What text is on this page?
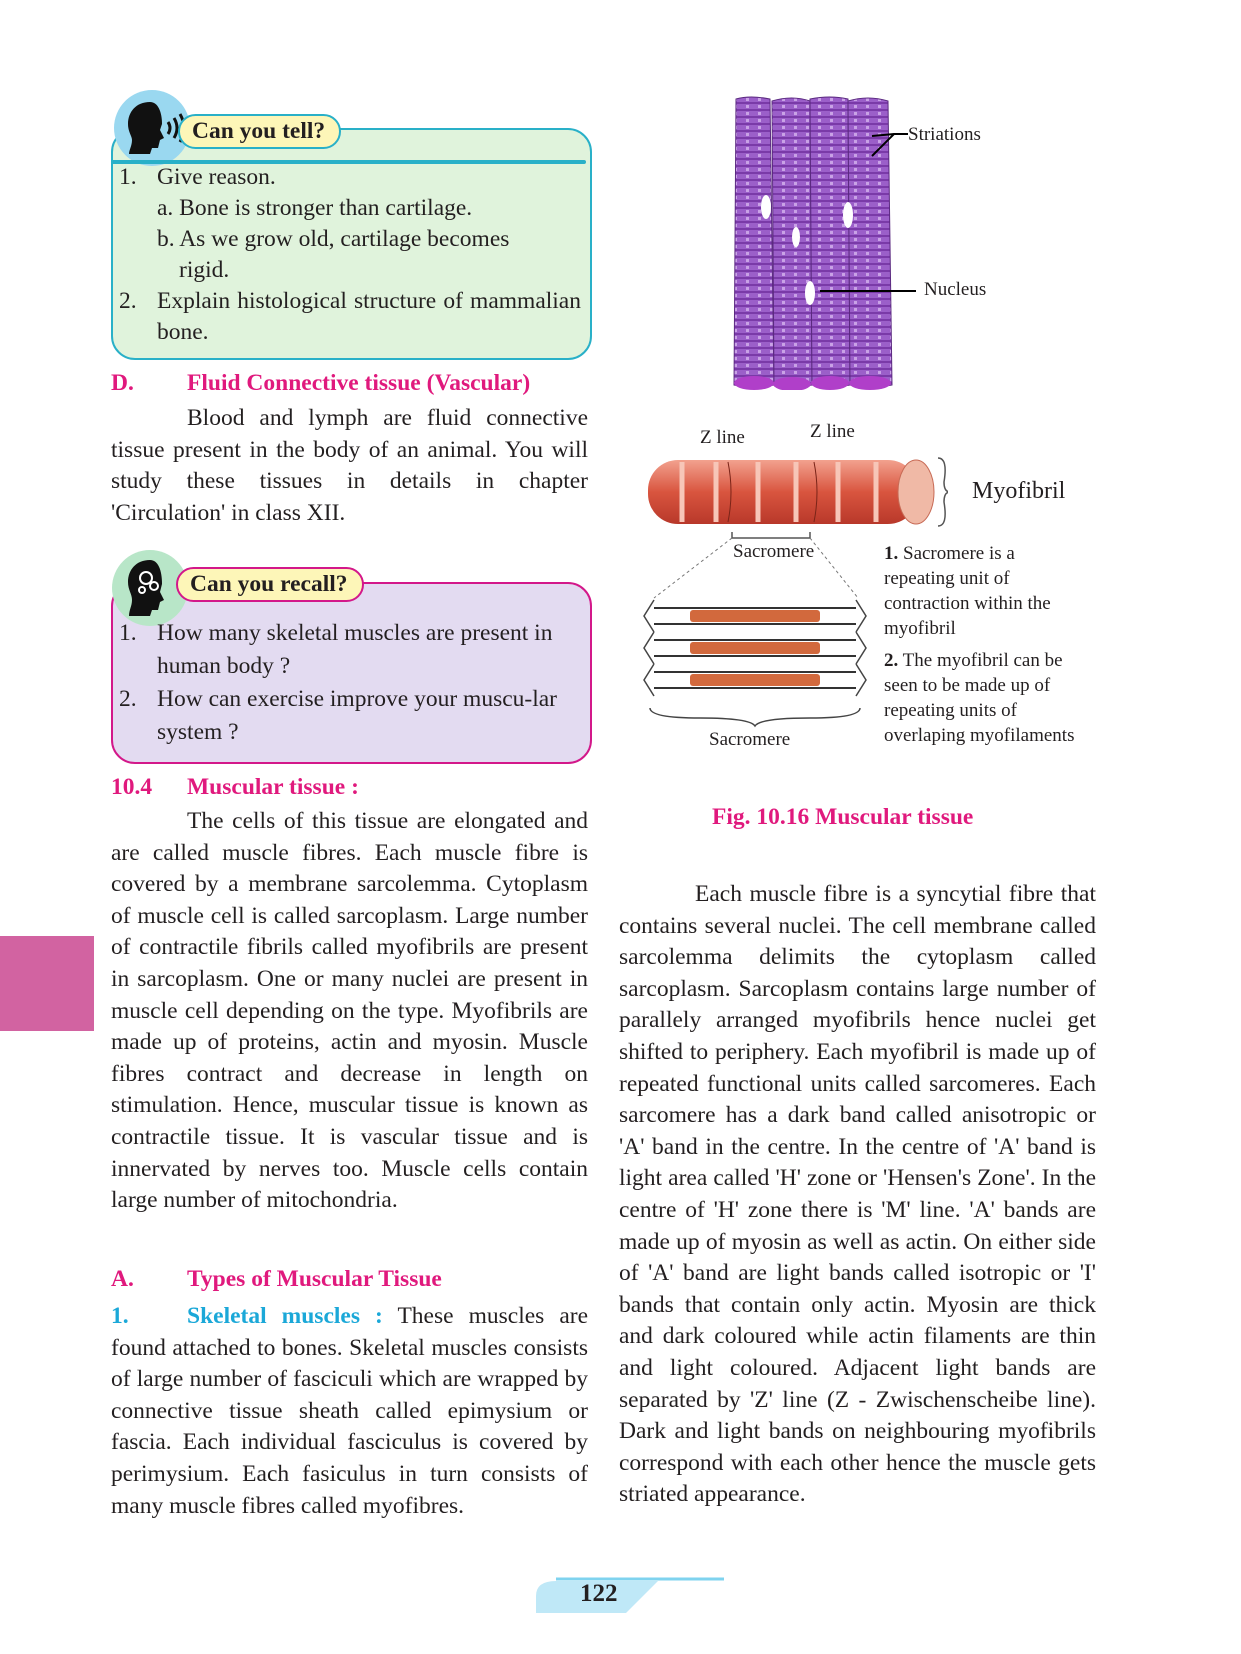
Can you tell?
1. Give reason.
a. Bone is stronger than cartilage.
b. As we grow old, cartilage becomes
rigid.
2. Explain histological structure of mammalian bone.
D. Fluid Connective tissue (Vascular)

Blood and lymph are fluid connective tissue present in the body of an animal. You will study these tissues in details in chapter 'Circulation' in class XII.

Can you recall?
1. How many skeletal muscles are present in human body ?
2. How can exercise improve your muscu-lar system ?
10.4 Muscular tissue :

The cells of this tissue are elongated and are called muscle fibres. Each muscle fibre is covered by a membrane sarcolemma. Cytoplasm of muscle cell is called sarcoplasm. Large number of contractile fibrils called myofibrils are present in sarcoplasm. One or many nuclei are present in muscle cell depending on the type. Myofibrils are made up of proteins, actin and myosin. Muscle fibres contract and decrease in length on stimulation. Hence, muscular tissue is known as contractile tissue. It is vascular tissue and is innervated by nerves too. Muscle cells contain large number of mitochondria.

A. Types of Muscular Tissue

1. Skeletal muscles : These muscles are found attached to bones. Skeletal muscles consists of large number of fasciculi which are wrapped by connective tissue sheath called epimysium or fascia. Each individual fasciculus is covered by perimysium. Each fasiculus in turn consists of many muscle fibres called myofibres.

Striations
Nucleus
Z line	Z line
Myofibril
Sacromere
Sacromere
1. Sacromere is a repeating unit of contraction within the myofibril
2. The myofibril can be seen to be made up of repeating units of overlaping myofilaments
Fig. 10.16 Muscular tissue

Each muscle fibre is a syncytial fibre that contains several nuclei. The cell membrane called sarcolemma delimits the cytoplasm called sarcoplasm. Sarcoplasm contains large number of parallely arranged myofibrils hence nuclei get shifted to periphery. Each myofibril is made up of repeated functional units called sarcomeres. Each sarcomere has a dark band called anisotropic or 'A' band in the centre. In the centre of 'A' band is light area called 'H' zone or 'Hensen's Zone'. In the centre of 'H' zone there is 'M' line. 'A' bands are made up of myosin as well as actin. On either side of 'A' band are light bands called isotropic or 'I' bands that contain only actin. Myosin are thick and dark coloured while actin filaments are thin and light coloured. Adjacent light bands are separated by 'Z' line (Z - Zwischenscheibe line). Dark and light bands on neighbouring myofibrils correspond with each other hence the muscle gets striated appearance.

122
